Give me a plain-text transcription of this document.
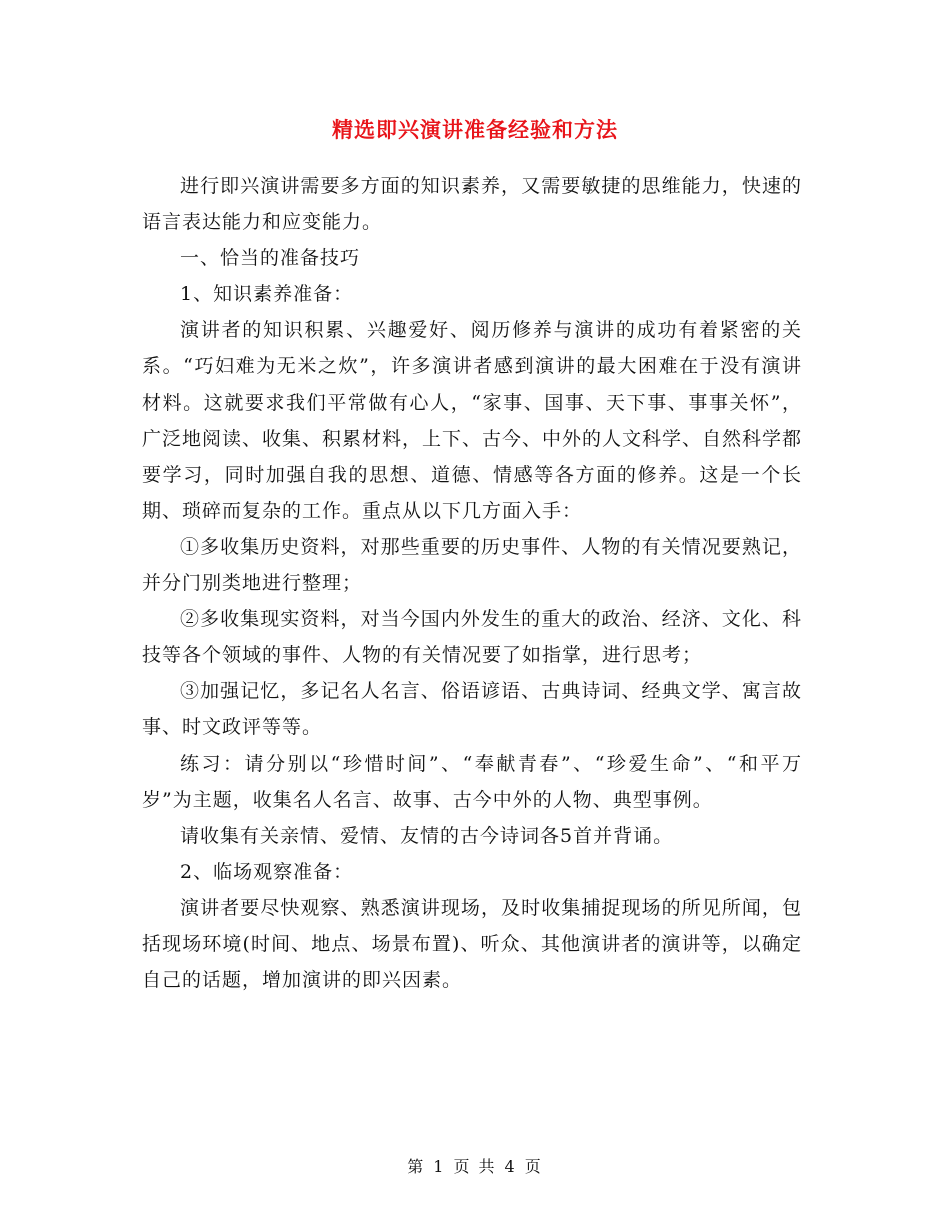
精选即兴演讲准备经验和方法

进行即兴演讲需要多方面的知识素养，又需要敏捷的思维能力，快速的语言表达能力和应变能力。

一、恰当的准备技巧

1、知识素养准备：

演讲者的知识积累、兴趣爱好、阅历修养与演讲的成功有着紧密的关系。“巧妇难为无米之炊”，许多演讲者感到演讲的最大困难在于没有演讲材料。这就要求我们平常做有心人，“家事、国事、天下事、事事关怀”，广泛地阅读、收集、积累材料，上下、古今、中外的人文科学、自然科学都要学习，同时加强自我的思想、道德、情感等各方面的修养。这是一个长期、琐碎而复杂的工作。重点从以下几方面入手：

①多收集历史资料，对那些重要的历史事件、人物的有关情况要熟记，并分门别类地进行整理；

②多收集现实资料，对当今国内外发生的重大的政治、经济、文化、科技等各个领域的事件、人物的有关情况要了如指掌，进行思考；

③加强记忆，多记名人名言、俗语谚语、古典诗词、经典文学、寓言故事、时文政评等等。

练习：请分别以“珍惜时间”、“奉献青春”、“珍爱生命”、“和平万岁”为主题，收集名人名言、故事、古今中外的人物、典型事例。

请收集有关亲情、爱情、友情的古今诗词各5首并背诵。

2、临场观察准备：

演讲者要尽快观察、熟悉演讲现场，及时收集捕捉现场的所见所闻，包括现场环境(时间、地点、场景布置)、听众、其他演讲者的演讲等，以确定自己的话题，增加演讲的即兴因素。

第 1 页 共 4 页
